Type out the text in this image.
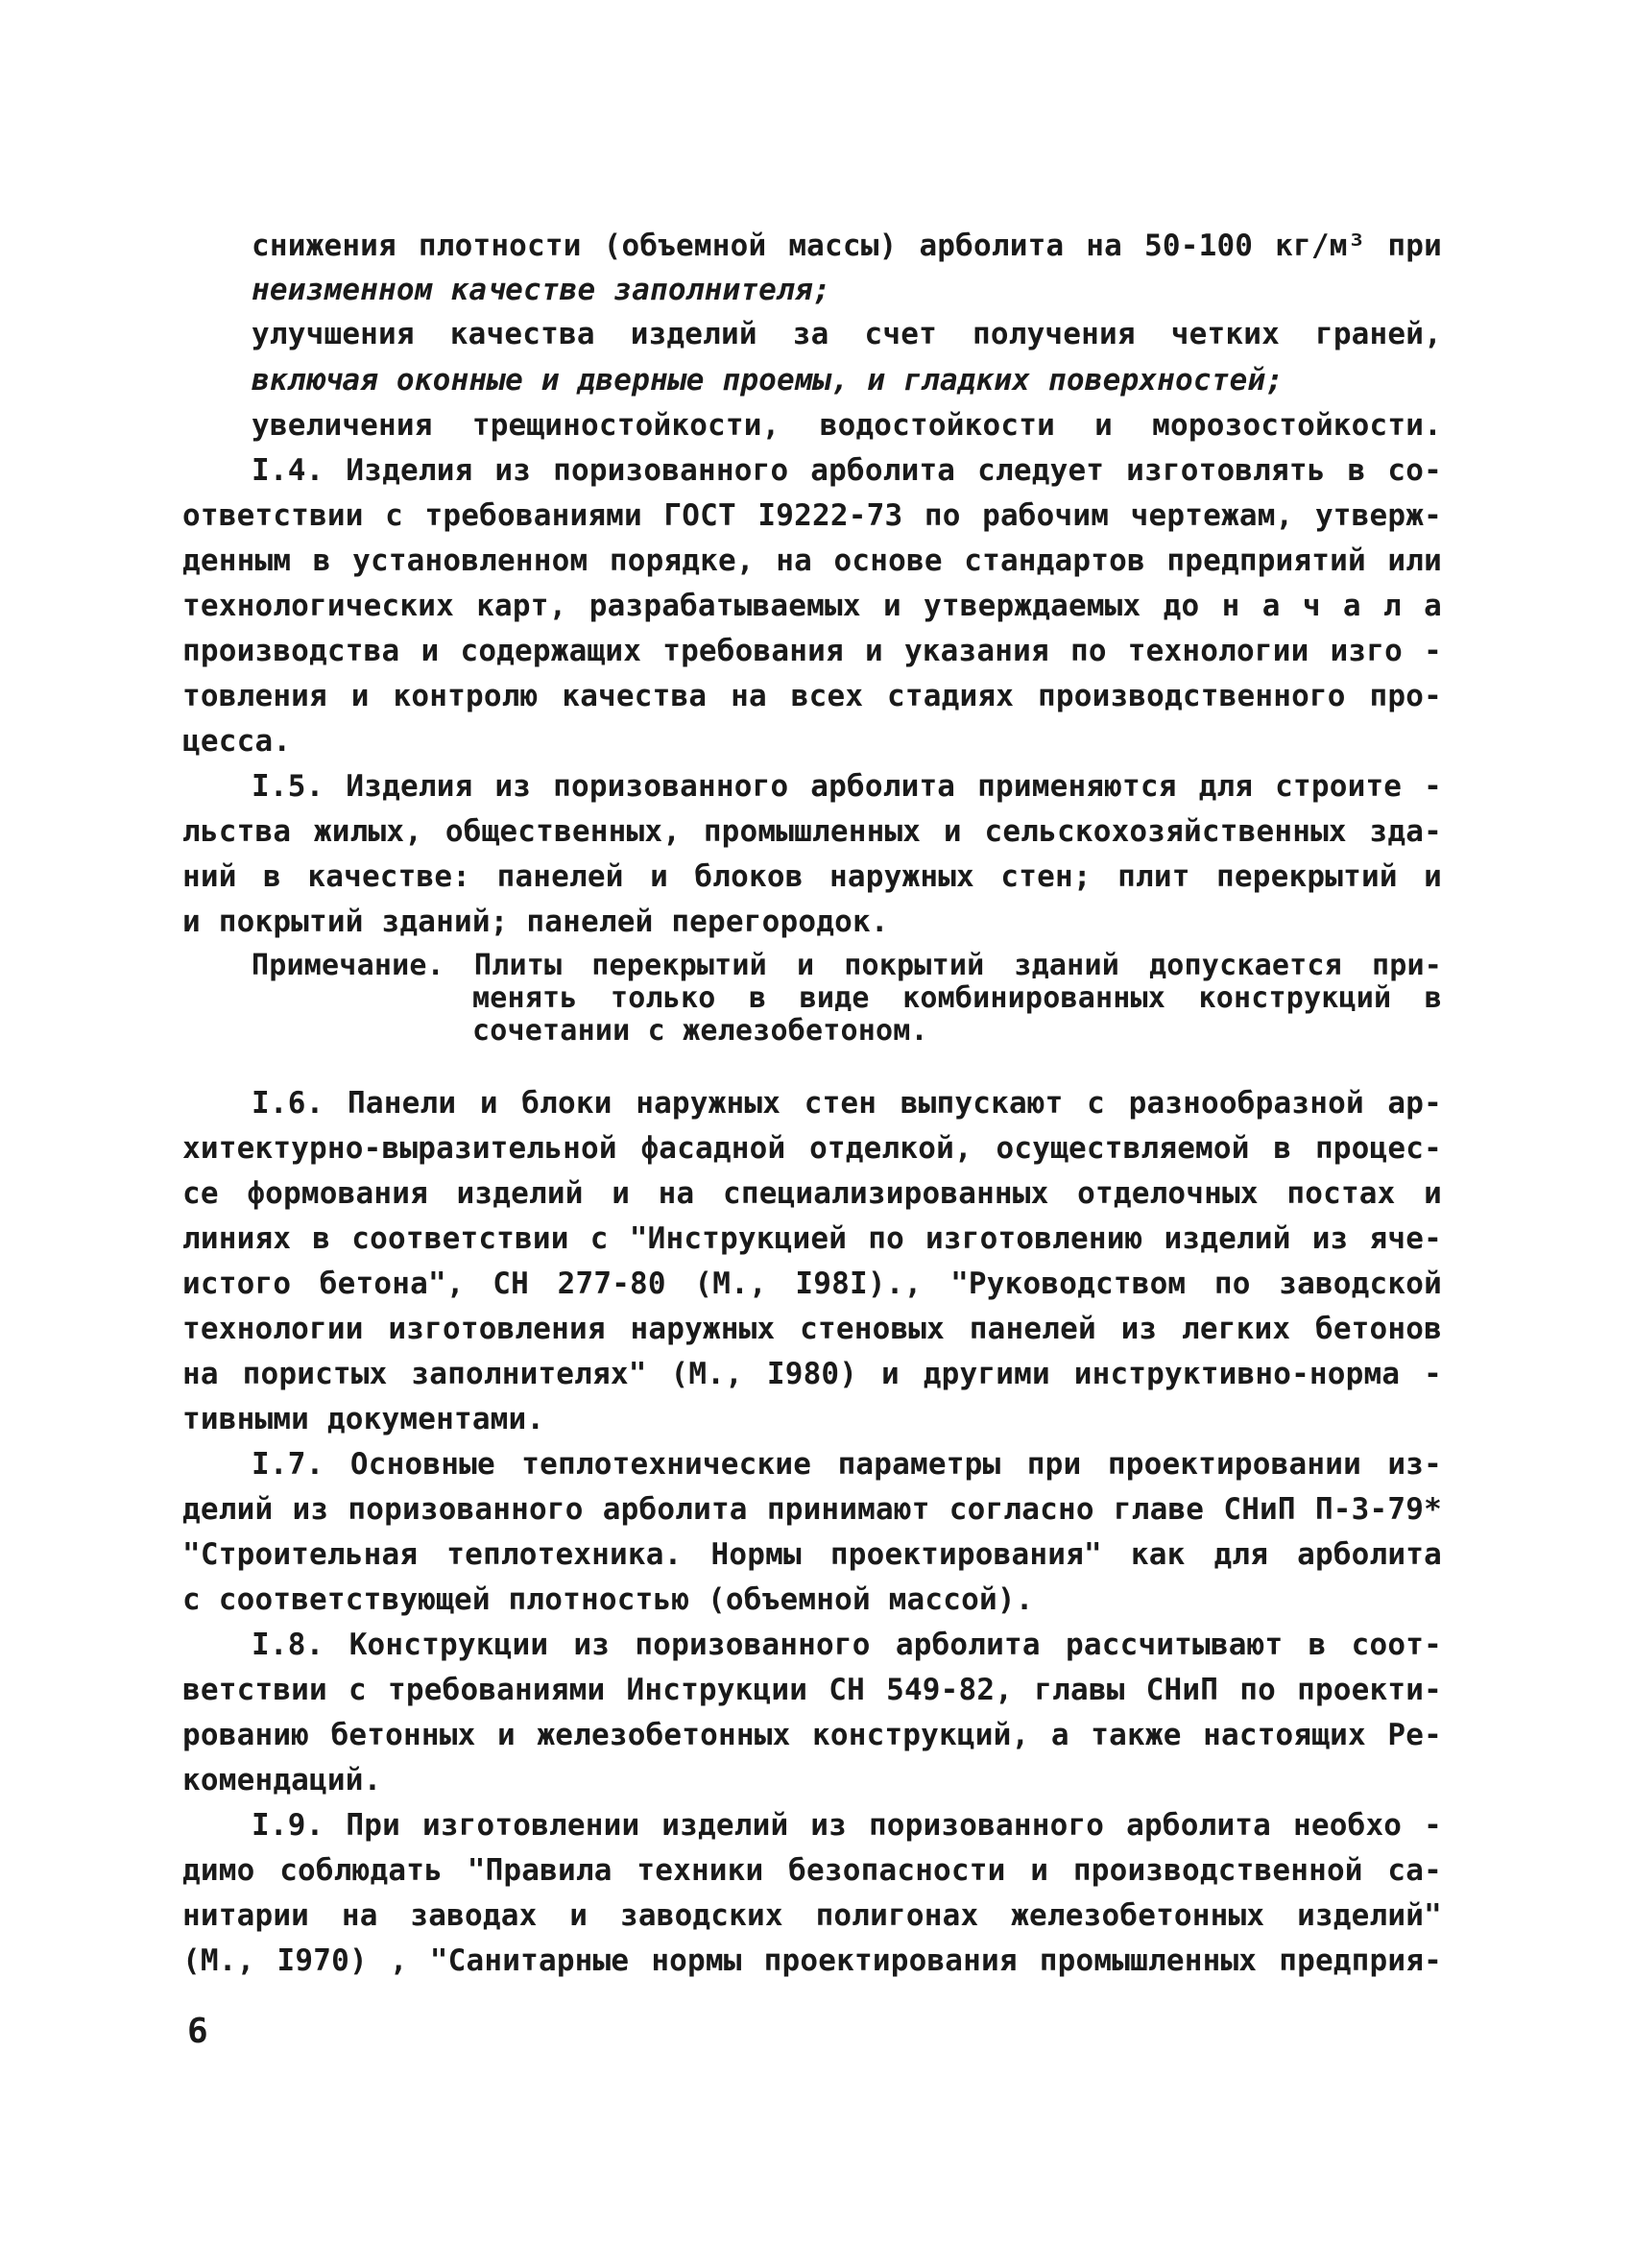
снижения плотности (объемной массы) арболита на 50-100 кг/м³ при
неизменном качестве заполнителя;
улучшения качества изделий за счет получения четких граней,
включая оконные и дверные проемы, и гладких поверхностей;
увеличения трещиностойкости, водостойкости и морозостойкости.
I.4. Изделия из поризованного арболита следует изготовлять в со-
ответствии с требованиями ГОСТ I9222-73 по рабочим чертежам, утверж-
денным в установленном порядке, на основе стандартов предприятий или
технологических карт, разрабатываемых и утверждаемых до н а ч а л а
производства и содержащих требования и указания по технологии изго -
товления и контролю качества на всех стадиях производственного про-
цесса.
I.5. Изделия из поризованного арболита применяются для строите -
льства жилых, общественных, промышленных и сельскохозяйственных зда-
ний в качестве: панелей и блоков наружных стен; плит перекрытий и
и покрытий зданий; панелей перегородок.
Примечание. Плиты перекрытий и покрытий зданий допускается при-
менять только в виде комбинированных конструкций в
сочетании с железобетоном.
I.6. Панели и блоки наружных стен выпускают с разнообразной ар-
хитектурно-выразительной фасадной отделкой, осуществляемой в процес-
се формования изделий и на специализированных отделочных постах и
линиях в соответствии с "Инструкцией по изготовлению изделий из яче-
истого бетона", СН 277-80 (М., I98I)., "Руководством по заводской
технологии изготовления наружных стеновых панелей из легких бетонов
на пористых заполнителях" (М., I980) и другими инструктивно-норма -
тивными документами.
I.7. Основные теплотехнические параметры при проектировании из-
делий из поризованного арболита принимают согласно главе СНиП П-3-79*
"Строительная теплотехника. Нормы проектирования" как для арболита
с соответствующей плотностью (объемной массой).
I.8. Конструкции из поризованного арболита рассчитывают в соот-
ветствии с требованиями Инструкции СН 549-82, главы СНиП по проекти-
рованию бетонных и железобетонных конструкций, а также настоящих Ре-
комендаций.
I.9. При изготовлении изделий из поризованного арболита необхо -
димо соблюдать "Правила техники безопасности и производственной са-
нитарии на заводах и заводских полигонах железобетонных изделий"
(М., I970) , "Санитарные нормы проектирования промышленных предприя-
6
